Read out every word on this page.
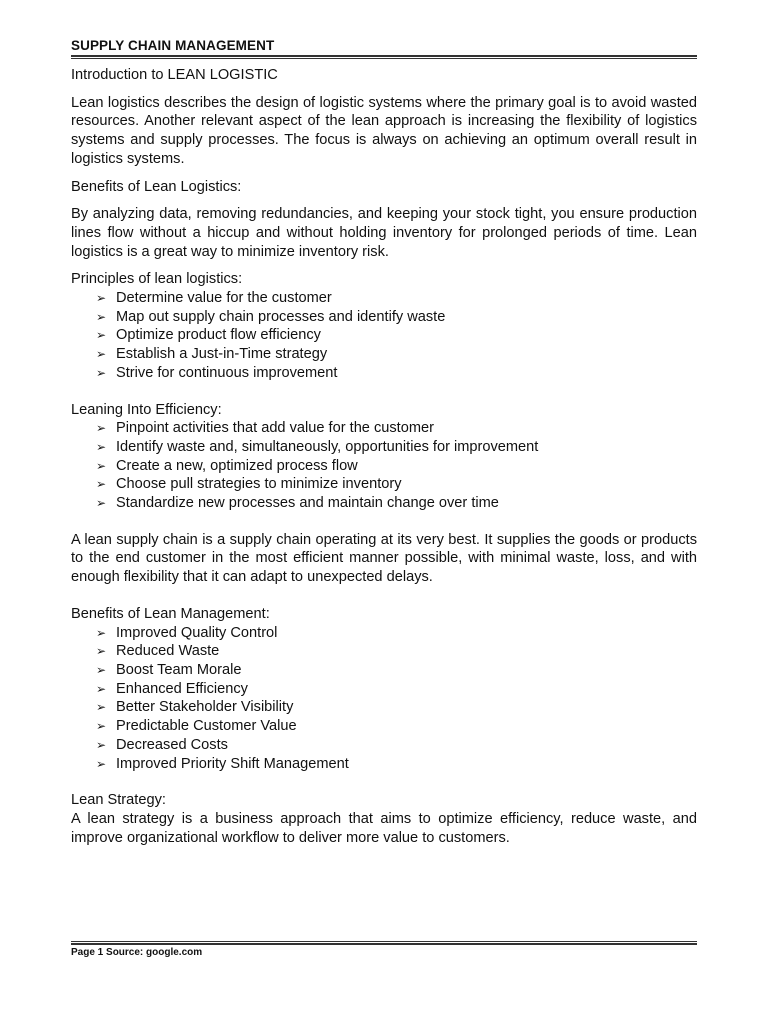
SUPPLY CHAIN MANAGEMENT

Introduction to LEAN LOGISTIC

Lean logistics describes the design of logistic systems where the primary goal is to avoid wasted resources. Another relevant aspect of the lean approach is increasing the flexibility of logistics systems and supply processes. The focus is always on achieving an optimum overall result in logistics systems.

Benefits of Lean Logistics:

By analyzing data, removing redundancies, and keeping your stock tight, you ensure production lines flow without a hiccup and without holding inventory for prolonged periods of time. Lean logistics is a great way to minimize inventory risk.

Principles of lean logistics:

➢ Determine value for the customer
➢ Map out supply chain processes and identify waste
➢ Optimize product flow efficiency
➢ Establish a Just-in-Time strategy
➢ Strive for continuous improvement

Leaning Into Efficiency:

➢ Pinpoint activities that add value for the customer
➢ Identify waste and, simultaneously, opportunities for improvement
➢ Create a new, optimized process flow
➢ Choose pull strategies to minimize inventory
➢ Standardize new processes and maintain change over time

A lean supply chain is a supply chain operating at its very best. It supplies the goods or products to the end customer in the most efficient manner possible, with minimal waste, loss, and with enough flexibility that it can adapt to unexpected delays.

Benefits of Lean Management:

➢ Improved Quality Control
➢ Reduced Waste
➢ Boost Team Morale
➢ Enhanced Efficiency
➢ Better Stakeholder Visibility
➢ Predictable Customer Value
➢ Decreased Costs
➢ Improved Priority Shift Management

Lean Strategy:

A lean strategy is a business approach that aims to optimize efficiency, reduce waste, and improve organizational workflow to deliver more value to customers.

Page 1 Source: google.com
